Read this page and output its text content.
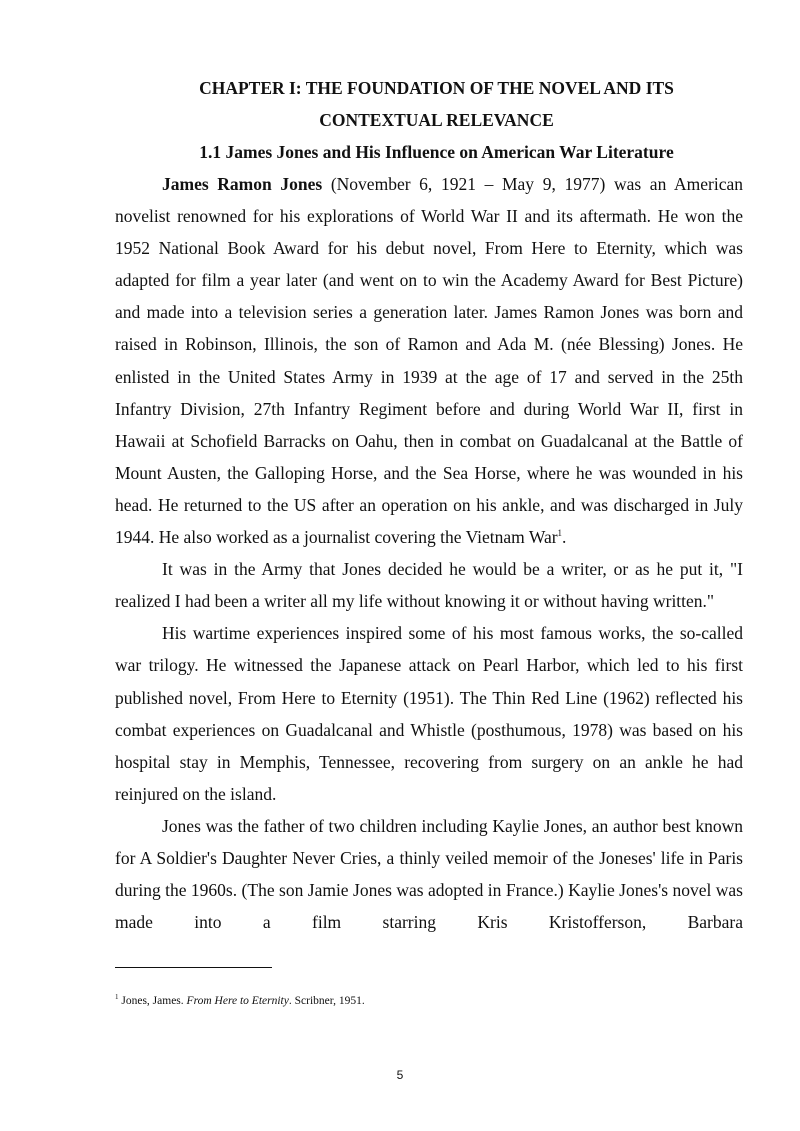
CHAPTER I: THE FOUNDATION OF THE NOVEL AND ITS
CONTEXTUAL RELEVANCE

1.1 James Jones and His Influence on American War Literature

James Ramon Jones (November 6, 1921 – May 9, 1977) was an American novelist renowned for his explorations of World War II and its aftermath. He won the 1952 National Book Award for his debut novel, From Here to Eternity, which was adapted for film a year later (and went on to win the Academy Award for Best Picture) and made into a television series a generation later. James Ramon Jones was born and raised in Robinson, Illinois, the son of Ramon and Ada M. (née Blessing) Jones. He enlisted in the United States Army in 1939 at the age of 17 and served in the 25th Infantry Division, 27th Infantry Regiment before and during World War II, first in Hawaii at Schofield Barracks on Oahu, then in combat on Guadalcanal at the Battle of Mount Austen, the Galloping Horse, and the Sea Horse, where he was wounded in his head. He returned to the US after an operation on his ankle, and was discharged in July 1944. He also worked as a journalist covering the Vietnam War$^1$.

It was in the Army that Jones decided he would be a writer, or as he put it, "I realized I had been a writer all my life without knowing it or without having written."

His wartime experiences inspired some of his most famous works, the so-called war trilogy. He witnessed the Japanese attack on Pearl Harbor, which led to his first published novel, From Here to Eternity (1951). The Thin Red Line (1962) reflected his combat experiences on Guadalcanal and Whistle (posthumous, 1978) was based on his hospital stay in Memphis, Tennessee, recovering from surgery on an ankle he had reinjured on the island.

Jones was the father of two children including Kaylie Jones, an author best known for A Soldier's Daughter Never Cries, a thinly veiled memoir of the Joneses' life in Paris during the 1960s. (The son Jamie Jones was adopted in France.) Kaylie Jones's novel was made into a film starring Kris Kristofferson, Barbara

$^1$ Jones, James. From Here to Eternity. Scribner, 1951.
5
